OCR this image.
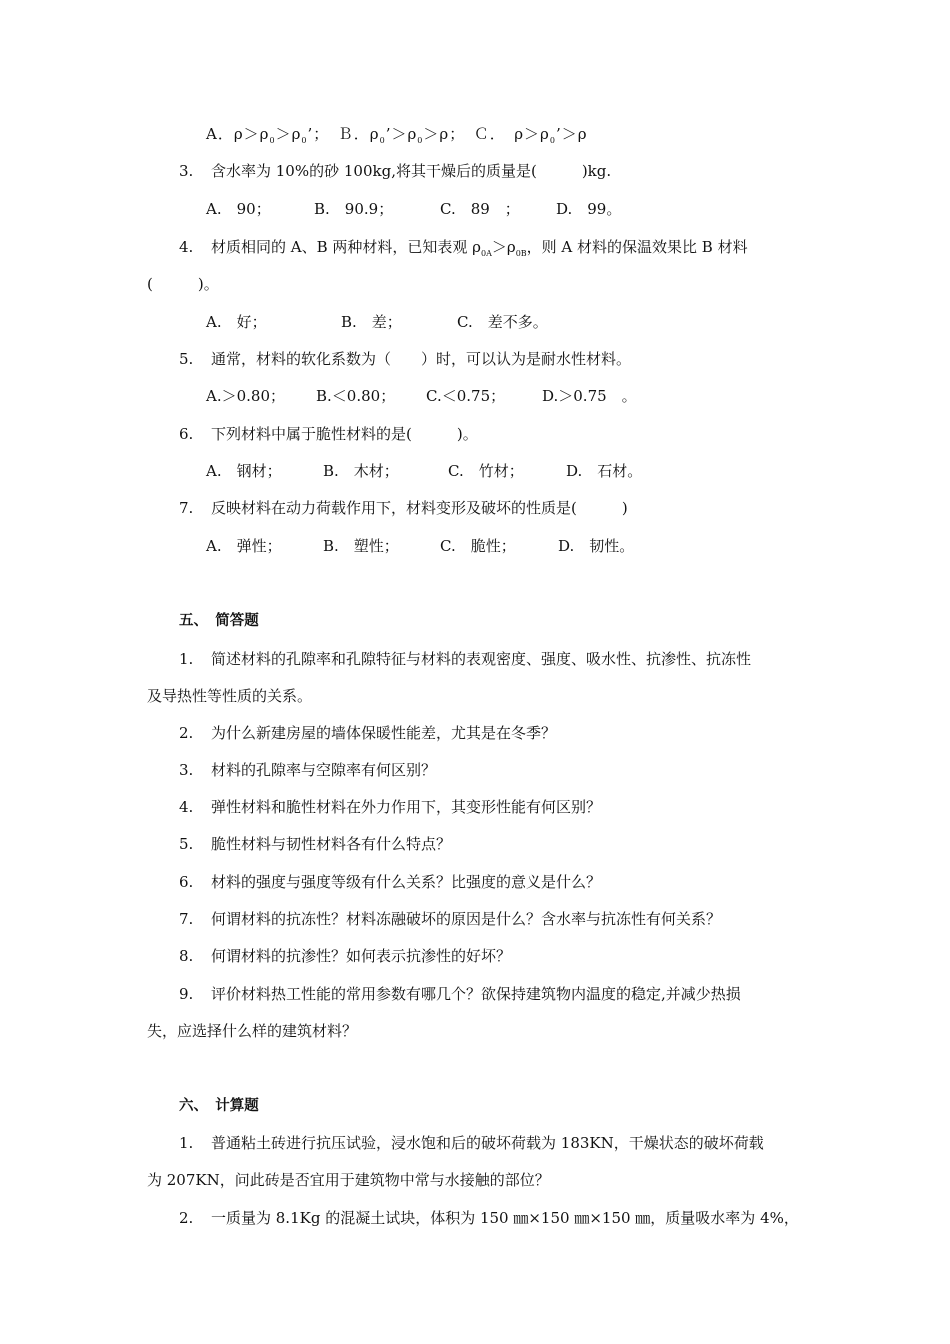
A．$\rho>\rho_0>\rho_0$’；　Ｂ．$\rho_0’>\rho_0>\rho$；　Ｃ．　$\rho>\rho_0’>\rho$
3. 含水率为 10%的砂 100kg,将其干燥后的质量是(　　　)kg.
A.　90；	B.　90.9；	C.　89　； D.　99。
4. 材质相同的 A、B 两种材料，已知表观 $\rho_{0A}>\rho_{0B}$，则 A 材料的保温效果比 B 材料
(　　　)。
A.　好；	B.　差；	C.　差不多。
5. 通常，材料的软化系数为（　　）时，可以认为是耐水性材料。
A.＞0.80； B.＜0.80； C.＜0.75； D.＞0.75　。
6. 下列材料中属于脆性材料的是(　　　)。
A.　钢材；	B.　木材；	C.　竹材；	D.　石材。
7. 反映材料在动力荷载作用下，材料变形及破坏的性质是(　　　)
A.　弹性；	B.　塑性；	C.　脆性；	D.　韧性。
五、　简答题
1. 简述材料的孔隙率和孔隙特征与材料的表观密度、强度、吸水性、抗渗性、抗冻性
及导热性等性质的关系。
2. 为什么新建房屋的墙体保暖性能差，尤其是在冬季？
3. 材料的孔隙率与空隙率有何区别？
4. 弹性材料和脆性材料在外力作用下，其变形性能有何区别？
5. 脆性材料与韧性材料各有什么特点？
6. 材料的强度与强度等级有什么关系？比强度的意义是什么？
7. 何谓材料的抗冻性？材料冻融破坏的原因是什么？含水率与抗冻性有何关系？
8. 何谓材料的抗渗性？如何表示抗渗性的好坏？
9. 评价材料热工性能的常用参数有哪几个？欲保持建筑物内温度的稳定,并减少热损
失，应选择什么样的建筑材料？
六、　计算题
1. 普通粘土砖进行抗压试验，浸水饱和后的破坏荷载为 183KN，干燥状态的破坏荷载
为 207KN，问此砖是否宜用于建筑物中常与水接触的部位？
2. 一质量为 8.1Kg 的混凝土试块，体积为 150 ㎜×150 ㎜×150 ㎜，质量吸水率为 4%，
